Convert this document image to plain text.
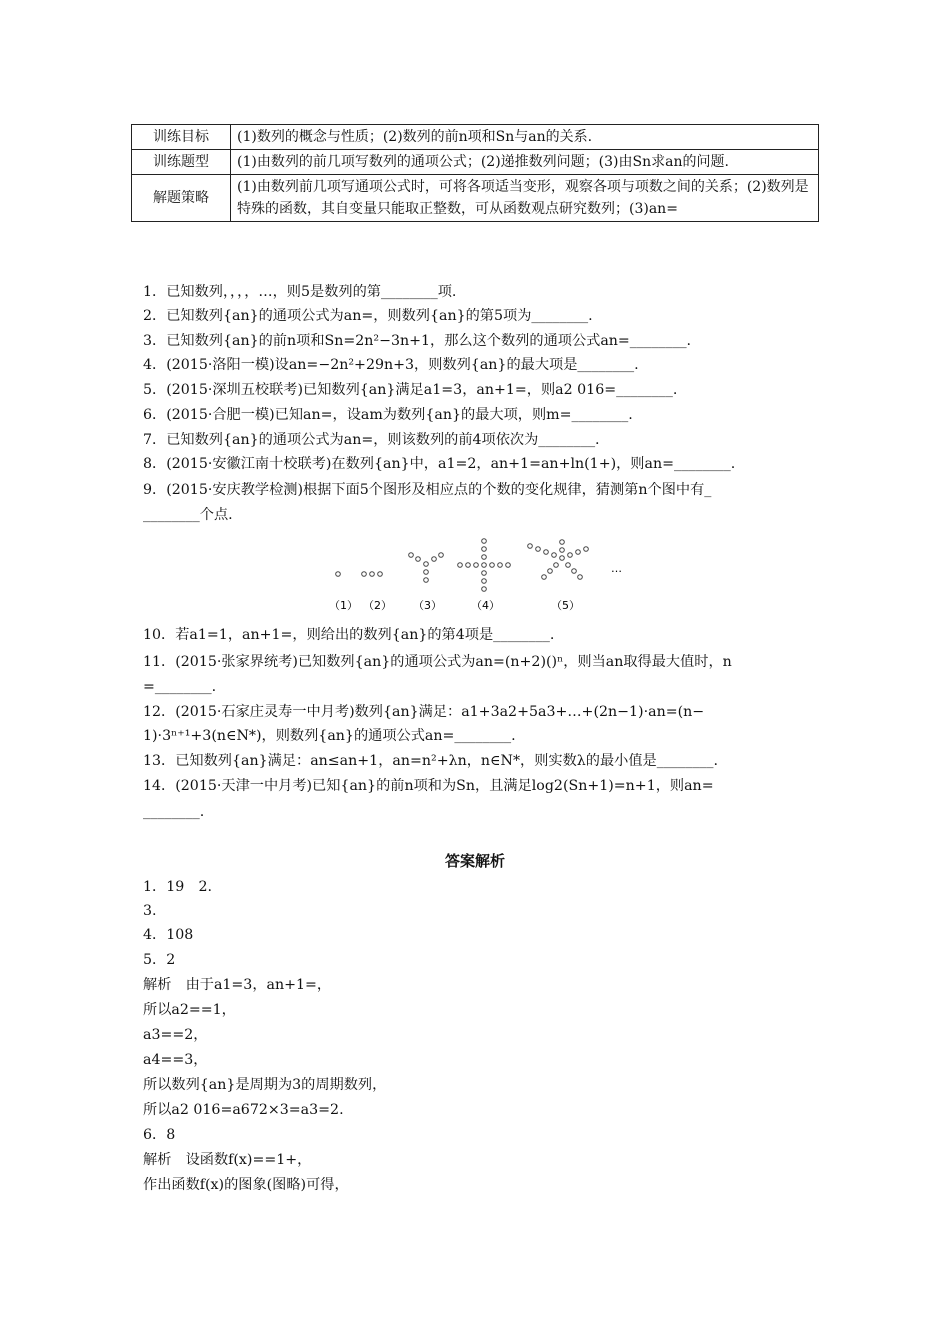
训练目标	(1)数列的概念与性质；(2)数列的前n项和Sn与an的关系.
训练题型	(1)由数列的前几项写数列的通项公式；(2)递推数列问题；(3)由Sn求an的问题.
解题策略	(1)由数列前几项写通项公式时，可将各项适当变形，观察各项与项数之间的关系；(2)数列是特殊的函数，其自变量只能取正整数，可从函数观点研究数列；(3)an=
1．已知数列，，，，…，则5是数列的第________项.
2．已知数列{an}的通项公式为an=，则数列{an}的第5项为________.
3．已知数列{an}的前n项和Sn=2n²−3n+1，那么这个数列的通项公式an=________.
4．(2015·洛阳一模)设an=−2n²+29n+3，则数列{an}的最大项是________.
5．(2015·深圳五校联考)已知数列{an}满足a1=3，an+1=，则a2 016=________.
6．(2015·合肥一模)已知an=，设am为数列{an}的最大项，则m=________.
7．已知数列{an}的通项公式为an=，则该数列的前4项依次为________.
8．(2015·安徽江南十校联考)在数列{an}中，a1=2，an+1=an+ln(1+)，则an=________.
9．(2015·安庆教学检测)根据下面5个图形及相应点的个数的变化规律，猜测第n个图中有_
________个点.
…
（1） （2） （3）	（4）	（5）
10．若a1=1，an+1=，则给出的数列{an}的第4项是________.
11．(2015·张家界统考)已知数列{an}的通项公式为an=(n+2)()ⁿ，则当an取得最大值时，n
=________.
12．(2015·石家庄灵寿一中月考)数列{an}满足：a1+3a2+5a3+…+(2n−1)·an=(n−
1)·3ⁿ⁺¹+3(n∈N*)，则数列{an}的通项公式an=________.
13．已知数列{an}满足：an≤an+1，an=n²+λn，n∈N*，则实数λ的最小值是________.
14．(2015·天津一中月考)已知{an}的前n项和为Sn，且满足log2(Sn+1)=n+1，则an=
________.
答案解析
1．19　2.
3.
4．108
5．2
解析　由于a1=3，an+1=，
所以a2==1，
a3==2，
a4==3，
所以数列{an}是周期为3的周期数列，
所以a2 016=a672×3=a3=2.
6．8
解析　设函数f(x)==1+，
作出函数f(x)的图象(图略)可得，
